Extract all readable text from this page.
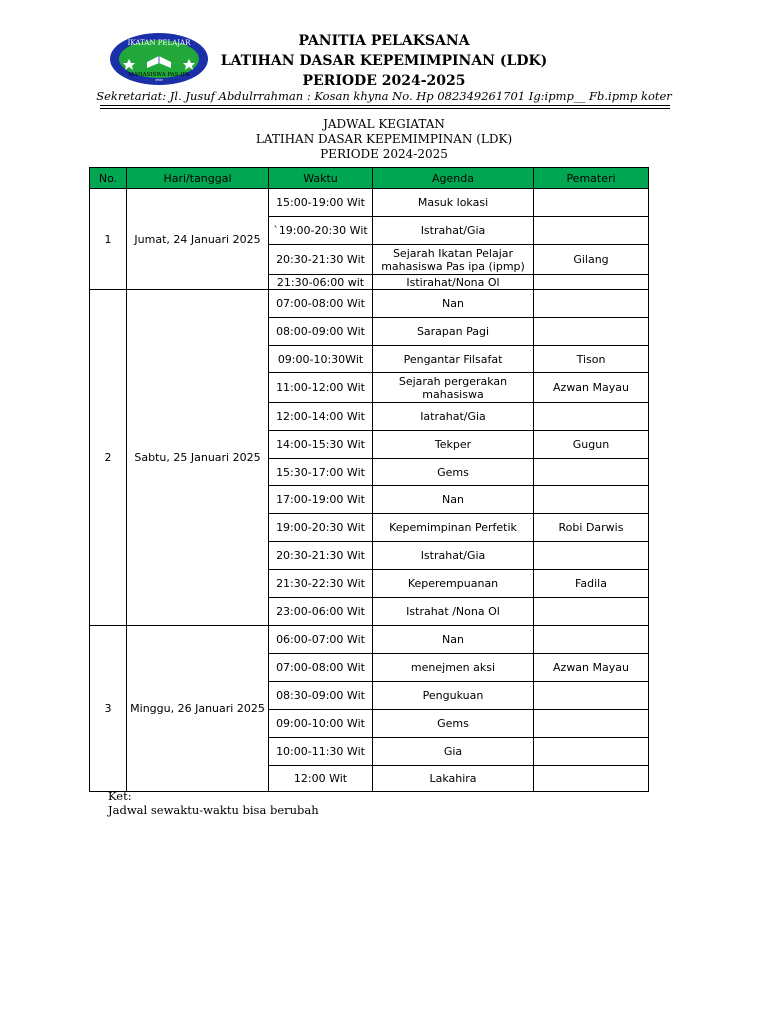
IKATAN PELAJAR
MAHASISWA PAS-IPA
IPMP
PANITIA PELAKSANA
LATIHAN DASAR KEPEMIMPINAN (LDK)
PERIODE 2024-2025
Sekretariat: Jl. Jusuf Abdulrrahman : Kosan khyna No. Hp 082349261701 Ig:ipmp__ Fb.ipmp koter
JADWAL KEGIATAN
LATIHAN DASAR KEPEMIMPINAN (LDK)
PERIODE 2024-2025
No.	Hari/tanggal	Waktu	Agenda	Pemateri
1	Jumat, 24 Januari 2025	15:00-19:00 Wit	Masuk lokasi	
		`19:00-20:30 Wit	Istrahat/Gia	
		20:30-21:30 Wit	Sejarah Ikatan Pelajar mahasiswa Pas ipa (ipmp)	Gilang
		21:30-06:00 wit	Istirahat/Nona Ol	
2	Sabtu, 25 Januari 2025	07:00-08:00 Wit	Nan	
		08:00-09:00 Wit	Sarapan Pagi	
		09:00-10:30Wit	Pengantar Filsafat	Tison
		11:00-12:00 Wit	Sejarah pergerakan mahasiswa	Azwan Mayau
		12:00-14:00 Wit	Iatrahat/Gia	
		14:00-15:30 Wit	Tekper	Gugun
		15:30-17:00 Wit	Gems	
		17:00-19:00 Wit	Nan	
		19:00-20:30 Wit	Kepemimpinan Perfetik	Robi Darwis
		20:30-21:30 Wit	Istrahat/Gia	
		21:30-22:30 Wit	Keperempuanan	Fadila
		23:00-06:00 Wit	Istrahat /Nona Ol	
3	Minggu, 26 Januari 2025	06:00-07:00 Wit	Nan	
		07:00-08:00 Wit	menejmen aksi	Azwan Mayau
		08:30-09:00 Wit	Pengukuan	
		09:00-10:00 Wit	Gems	
		10:00-11:30 Wit	Gia	
		12:00 Wit	Lakahira	
Ket:
Jadwal sewaktu-waktu bisa berubah
